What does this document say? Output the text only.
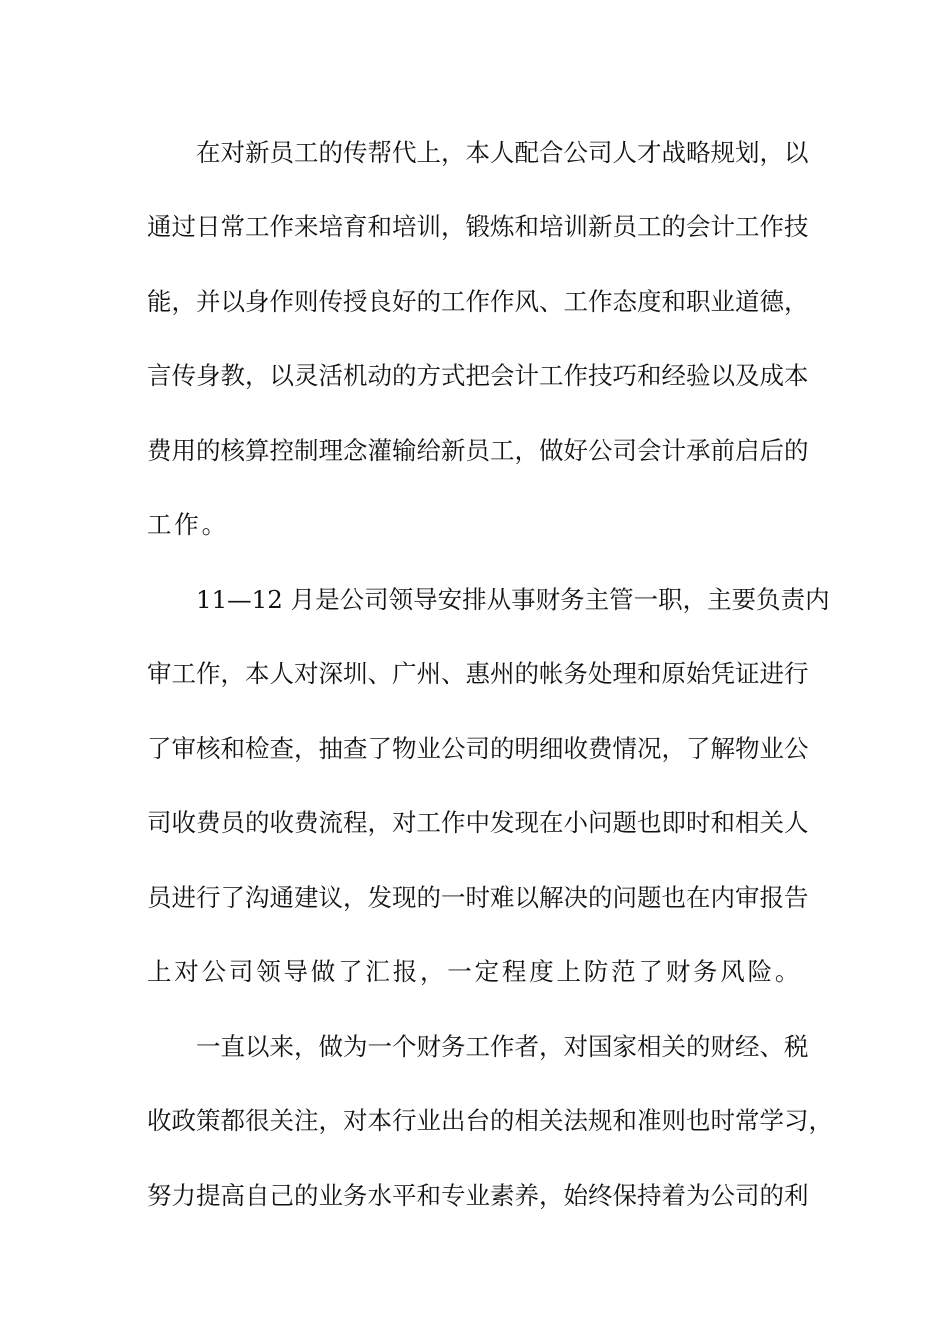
在对新员工的传帮代上，本人配合公司人才战略规划，以
通过日常工作来培育和培训，锻炼和培训新员工的会计工作技
能，并以身作则传授良好的工作作风、工作态度和职业道德，
言传身教，以灵活机动的方式把会计工作技巧和经验以及成本
费用的核算控制理念灌输给新员工，做好公司会计承前启后的
工作。
11—12 月是公司领导安排从事财务主管一职，主要负责内
审工作，本人对深圳、广州、惠州的帐务处理和原始凭证进行
了审核和检查，抽查了物业公司的明细收费情况，了解物业公
司收费员的收费流程，对工作中发现在小问题也即时和相关人
员进行了沟通建议，发现的一时难以解决的问题也在内审报告
上对公司领导做了汇报，一定程度上防范了财务风险。
一直以来，做为一个财务工作者，对国家相关的财经、税
收政策都很关注，对本行业出台的相关法规和准则也时常学习，
努力提高自己的业务水平和专业素养，始终保持着为公司的利
